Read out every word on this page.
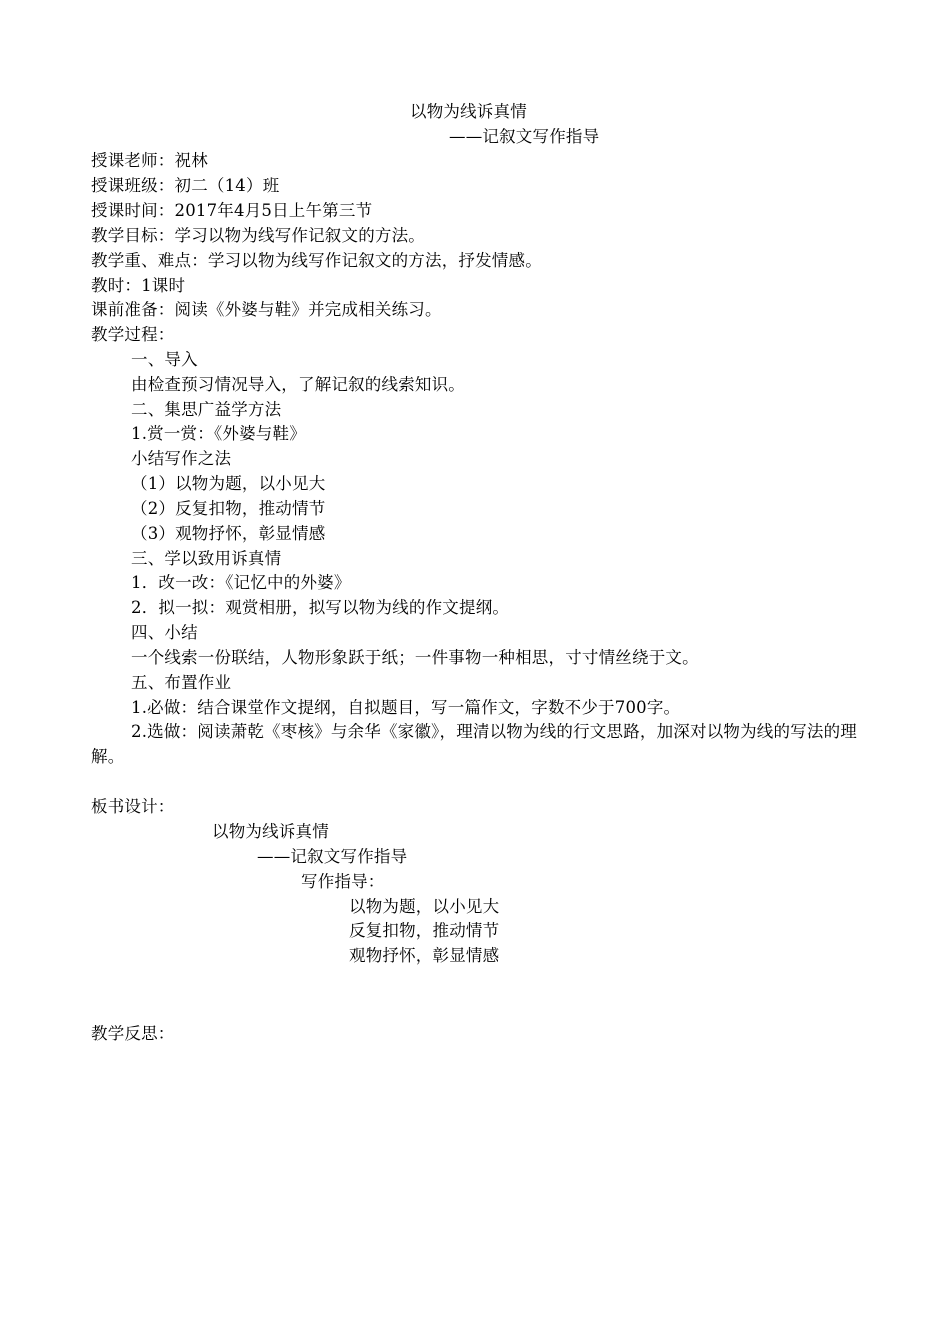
以物为线诉真情
——记叙文写作指导
授课老师：祝林
授课班级：初二（14）班
授课时间：2017年4月5日上午第三节
教学目标：学习以物为线写作记叙文的方法。
教学重、难点：学习以物为线写作记叙文的方法，抒发情感。
教时：1课时
课前准备：阅读《外婆与鞋》并完成相关练习。
教学过程：
一、导入
由检查预习情况导入，了解记叙的线索知识。
二、集思广益学方法
1.赏一赏：《外婆与鞋》
小结写作之法
（1）以物为题，以小见大
（2）反复扣物，推动情节
（3）观物抒怀，彰显情感
三、学以致用诉真情
1．改一改：《记忆中的外婆》
2．拟一拟：观赏相册，拟写以物为线的作文提纲。
四、小结
一个线索一份联结，人物形象跃于纸；一件事物一种相思，寸寸情丝绕于文。
五、布置作业
1.必做：结合课堂作文提纲，自拟题目，写一篇作文，字数不少于700字。
2.选做：阅读萧乾《枣核》与余华《家徽》，理清以物为线的行文思路，加深对以物为线的写法的理解。
板书设计：
以物为线诉真情
——记叙文写作指导
写作指导：
以物为题，以小见大
反复扣物，推动情节
观物抒怀，彰显情感
教学反思：
